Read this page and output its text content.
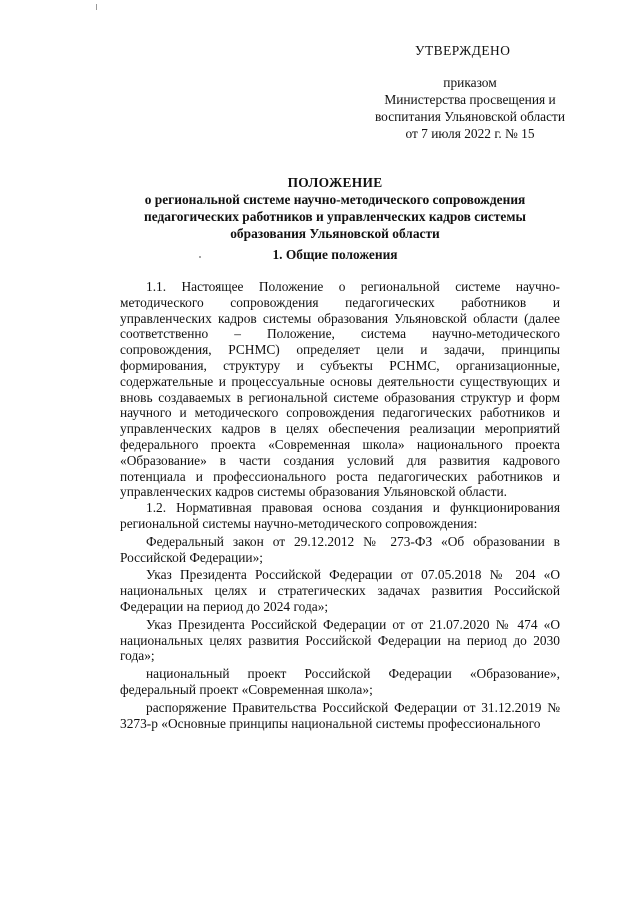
УТВЕРЖДЕНО
приказом
Министерства просвещения и
воспитания Ульяновской области
от 7 июля 2022 г. № 15
ПОЛОЖЕНИЕ
о региональной системе научно-методического сопровождения
педагогических работников и управленческих кадров системы
образования Ульяновской области
1. Общие положения

1.1. Настоящее Положение о региональной системе научно-методического сопровождения педагогических работников и управленческих кадров системы образования Ульяновской области (далее соответственно – Положение, система научно-методического сопровождения, РСНМС) определяет цели и задачи, принципы формирования, структуру и субъекты РСНМС, организационные, содержательные и процессуальные основы деятельности существующих и вновь создаваемых в региональной системе образования структур и форм научного и методического сопровождения педагогических работников и управленческих кадров в целях обеспечения реализации мероприятий федерального проекта «Современная школа» национального проекта «Образование» в части создания условий для развития кадрового потенциала и профессионального роста педагогических работников и управленческих кадров системы образования Ульяновской области.

1.2. Нормативная правовая основа создания и функционирования региональной системы научно-методического сопровождения:

Федеральный закон от 29.12.2012 № 273-ФЗ «Об образовании в Российской Федерации»;

Указ Президента Российской Федерации от 07.05.2018 № 204 «О национальных целях и стратегических задачах развития Российской Федерации на период до 2024 года»;

Указ Президента Российской Федерации от от 21.07.2020 № 474 «О национальных целях развития Российской Федерации на период до 2030 года»;

национальный проект Российской Федерации «Образование», федеральный проект «Современная школа»;

распоряжение Правительства Российской Федерации от 31.12.2019 № 3273-р «Основные принципы национальной системы профессионального
